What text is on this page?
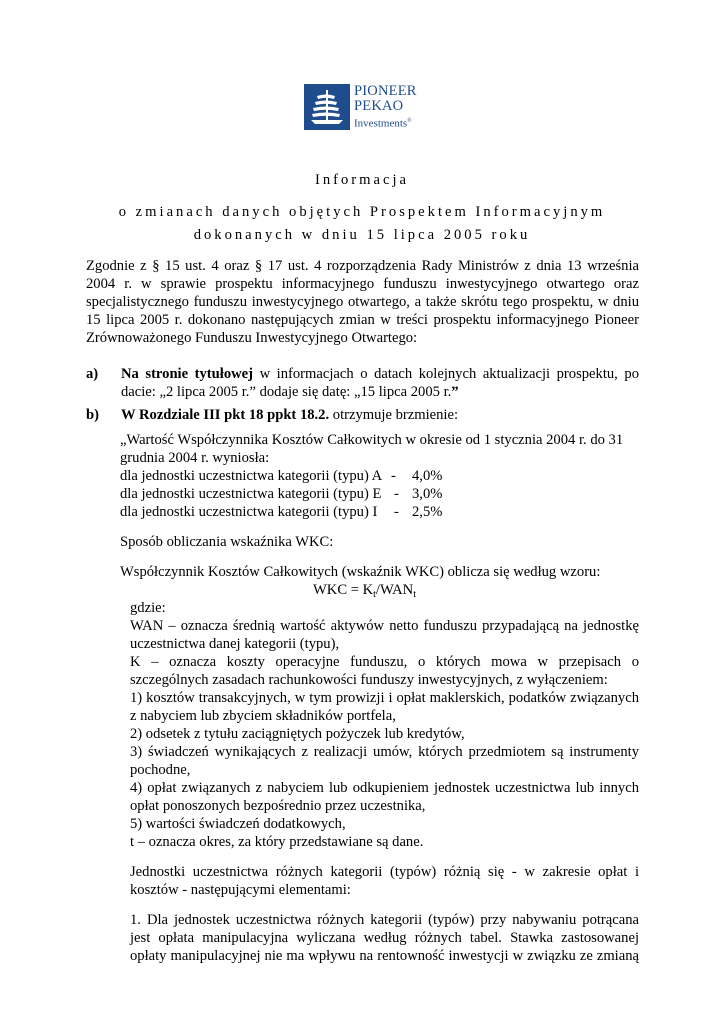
PIONEER
PEKAO
Investments®
Informacja
o zmianach danych objętych Prospektem Informacyjnym
dokonanych w dniu 15 lipca 2005 roku
Zgodnie z § 15 ust. 4 oraz § 17 ust. 4 rozporządzenia Rady Ministrów z dnia 13 września
2004 r. w sprawie prospektu informacyjnego funduszu inwestycyjnego otwartego oraz
specjalistycznego funduszu inwestycyjnego otwartego, a także skrótu tego prospektu, w dniu
15 lipca 2005 r. dokonano następujących zmian w treści prospektu informacyjnego Pioneer
Zrównoważonego Funduszu Inwestycyjnego Otwartego:
a) Na stronie tytułowej w informacjach o datach kolejnych aktualizacji prospektu, po
dacie: „2 lipca 2005 r.” dodaje się datę: „15 lipca 2005 r.”
b) W Rozdziale III pkt 18 ppkt 18.2. otrzymuje brzmienie:
„Wartość Współczynnika Kosztów Całkowitych w okresie od 1 stycznia 2004 r. do 31
grudnia 2004 r. wyniosła:
dla jednostki uczestnictwa kategorii (typu) A - 4,0%
dla jednostki uczestnictwa kategorii (typu) E - 3,0%
dla jednostki uczestnictwa kategorii (typu) I - 2,5%
Sposób obliczania wskaźnika WKC:
Współczynnik Kosztów Całkowitych (wskaźnik WKC) oblicza się według wzoru:
WKC = $K_t/WAN_t$
gdzie:
WAN – oznacza średnią wartość aktywów netto funduszu przypadającą na jednostkę
uczestnictwa danej kategorii (typu),
K – oznacza koszty operacyjne funduszu, o których mowa w przepisach o
szczególnych zasadach rachunkowości funduszy inwestycyjnych, z wyłączeniem:
1) kosztów transakcyjnych, w tym prowizji i opłat maklerskich, podatków związanych
z nabyciem lub zbyciem składników portfela,
2) odsetek z tytułu zaciągniętych pożyczek lub kredytów,
3) świadczeń wynikających z realizacji umów, których przedmiotem są instrumenty
pochodne,
4) opłat związanych z nabyciem lub odkupieniem jednostek uczestnictwa lub innych
opłat ponoszonych bezpośrednio przez uczestnika,
5) wartości świadczeń dodatkowych,
t – oznacza okres, za który przedstawiane są dane.
Jednostki uczestnictwa różnych kategorii (typów) różnią się - w zakresie opłat i
kosztów - następującymi elementami:
1. Dla jednostek uczestnictwa różnych kategorii (typów) przy nabywaniu potrącana
jest opłata manipulacyjna wyliczana według różnych tabel. Stawka zastosowanej
opłaty manipulacyjnej nie ma wpływu na rentowność inwestycji w związku ze zmianą
